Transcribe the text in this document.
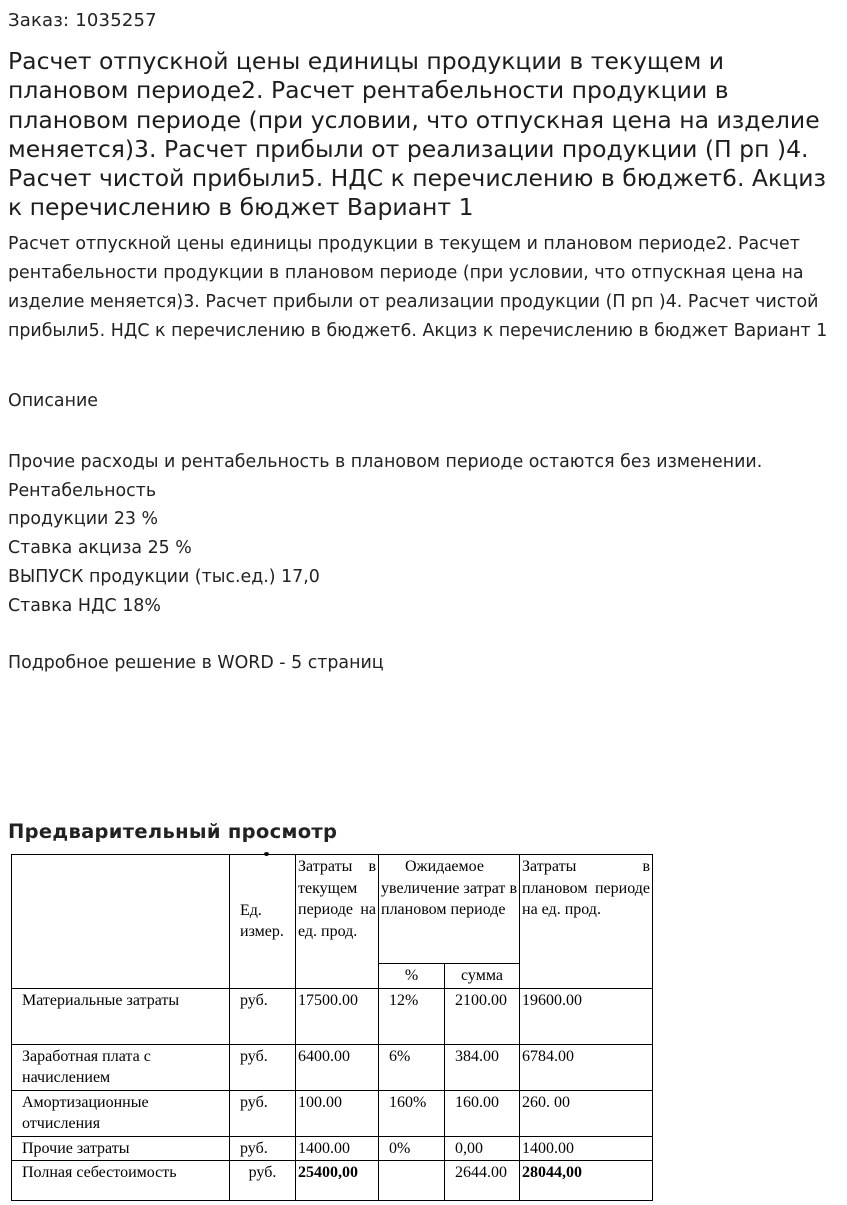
Заказ: 1035257
Расчет отпускной цены единицы продукции в текущем и плановом периоде2. Расчет рентабельности продукции в плановом периоде (при условии, что отпускная цена на изделие меняется)3. Расчет прибыли от реализации продукции (П рп )4. Расчет чистой прибыли5. НДС к перечислению в бюджет6. Акциз к перечислению в бюджет Вариант 1

Расчет отпускной цены единицы продукции в текущем и плановом периоде2. Расчет рентабельности продукции в плановом периоде (при условии, что отпускная цена на изделие меняется)3. Расчет прибыли от реализации продукции (П рп )4. Расчет чистой прибыли5. НДС к перечислению в бюджет6. Акциз к перечислению в бюджет Вариант 1

Описание
Прочие расходы и рентабельность в плановом периоде остаются без изменении.
Рентабельность
продукции 23 %
Ставка акциза 25 %
ВЫПУСК продукции (тыс.ед.) 17,0
Ставка НДС 18%
Подробное решение в WORD - 5 страниц
Предварительный просмотр
	Ед. измер.	Затраты в текущем периоде на ед. прод.	Ожидаемое увеличение затрат в плановом периоде		Затраты в плановом периоде на ед. прод.
			%	сумма	
Материальные затраты	руб.	17500.00	12%	2100.00	19600.00
Заработная плата с начислением	руб.	6400.00	6%	384.00	6784.00
Амортизационные отчисления	руб.	100.00	160%	160.00	260. 00
Прочие затраты	руб.	1400.00	0%	0,00	1400.00
Полная себестоимость	руб.	25400,00		2644.00	28044,00
